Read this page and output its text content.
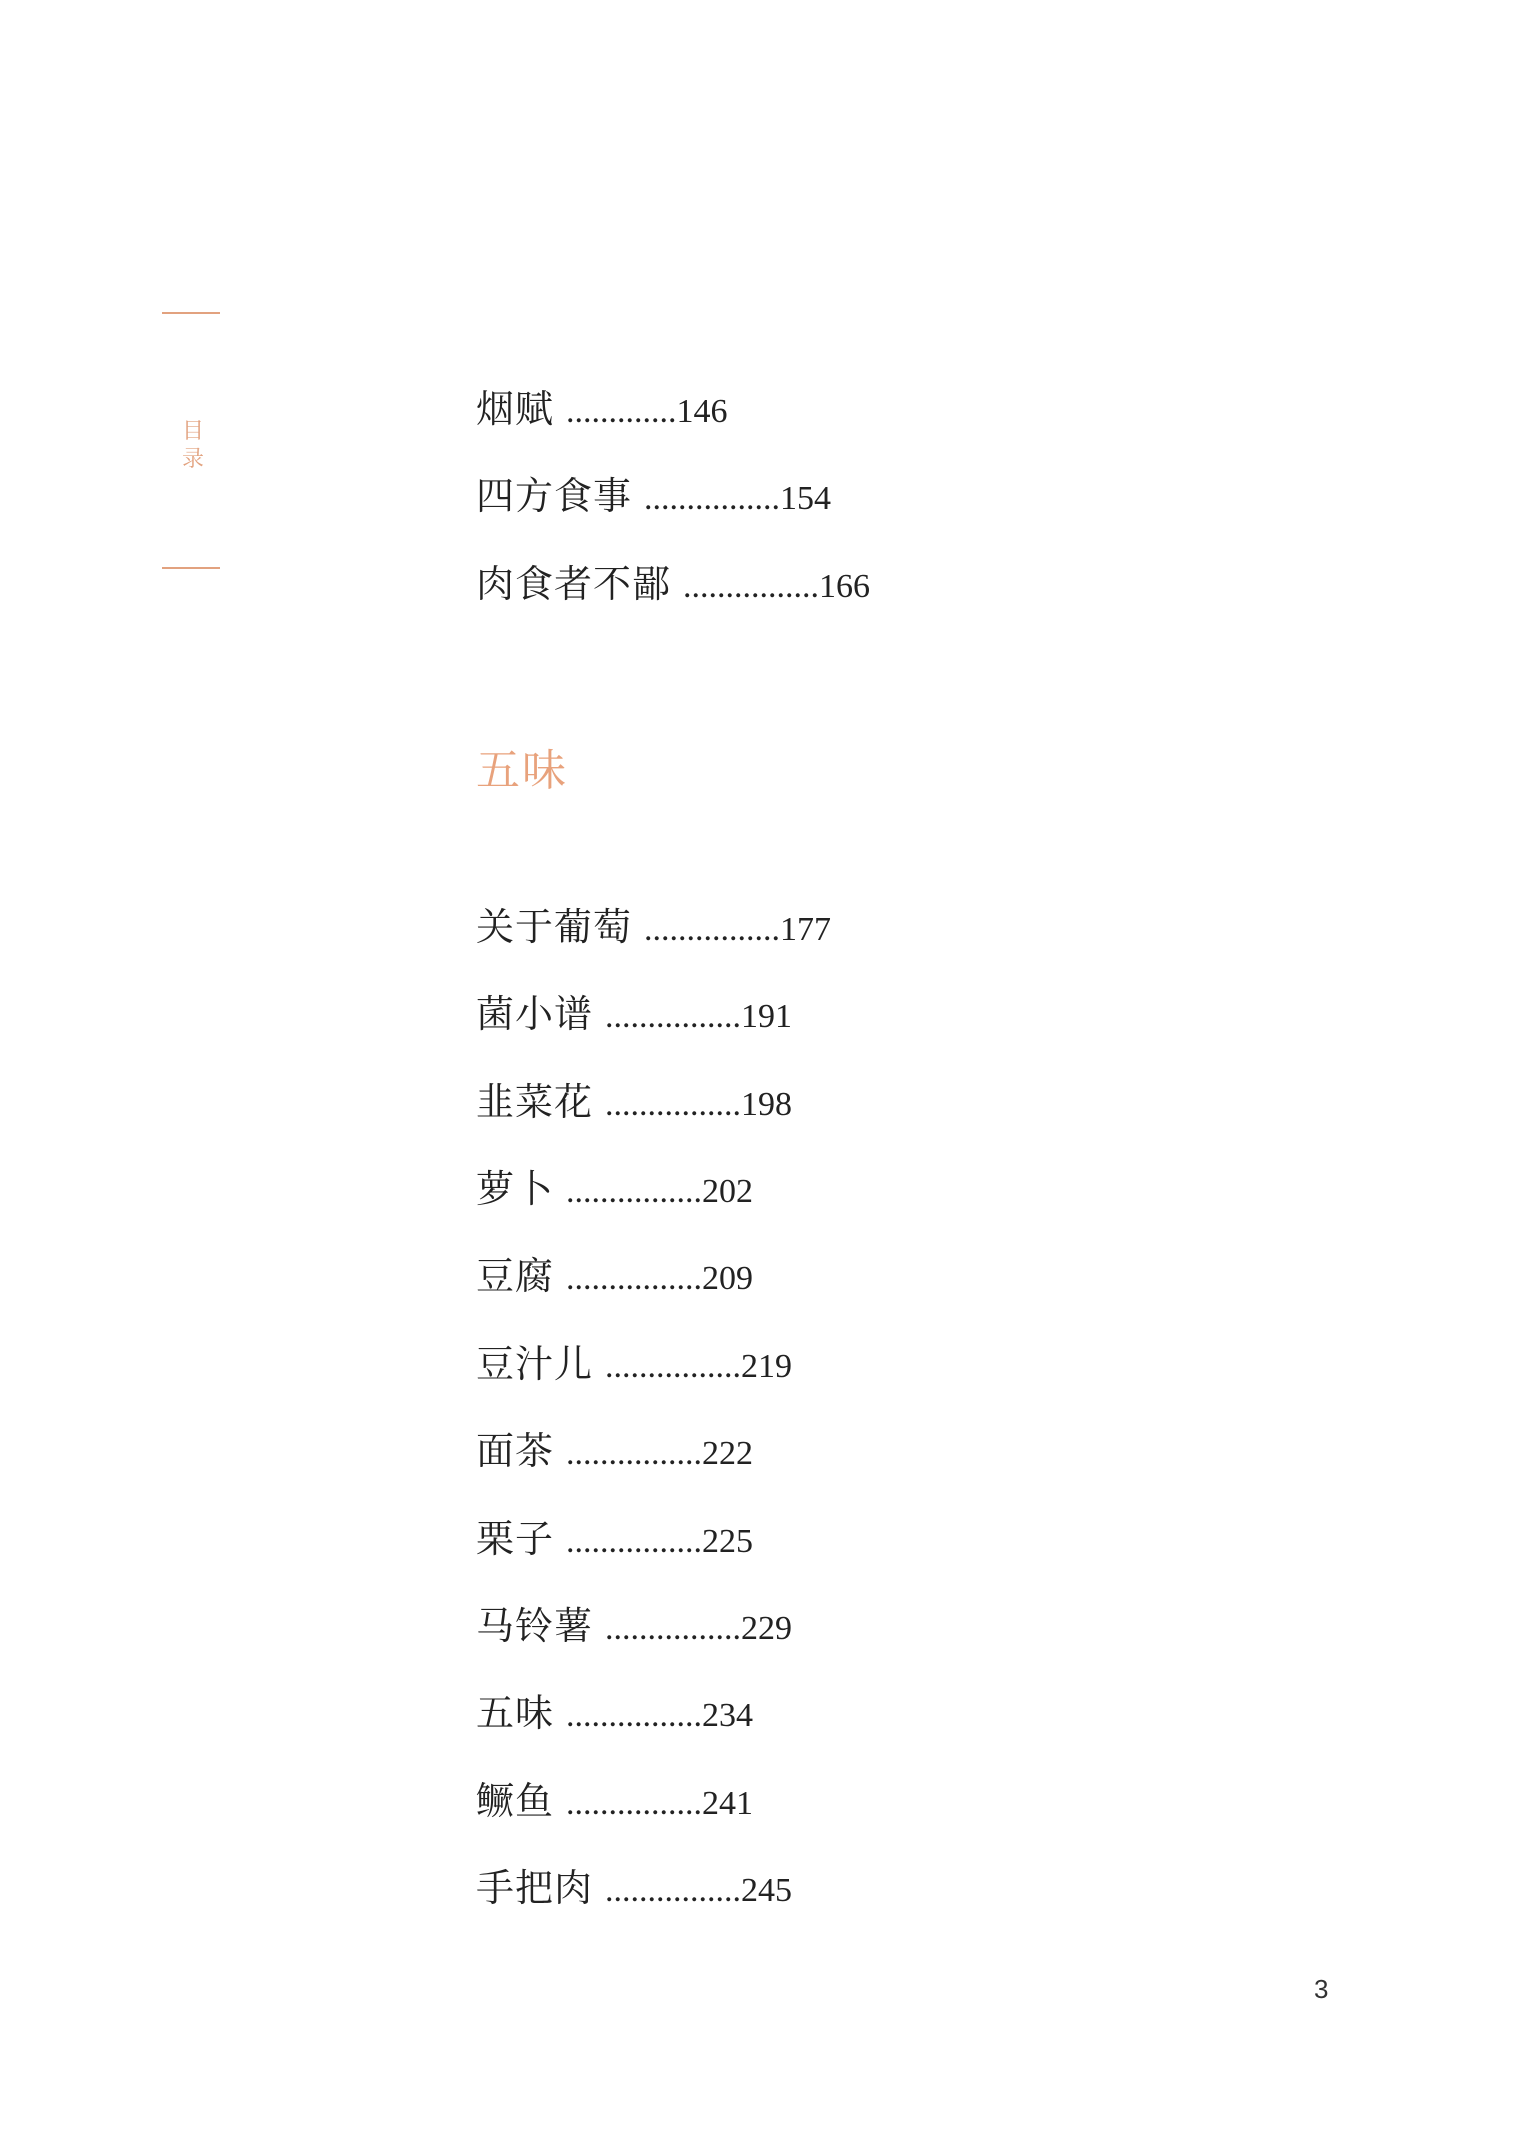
目
录
烟赋 .............146
四方食事 ................154
肉食者不鄙 ................166
五味
关于葡萄 ................177
菌小谱 ................191
韭菜花 ................198
萝卜 ................202
豆腐 ................209
豆汁儿 ................219
面茶 ................222
栗子 ................225
马铃薯 ................229
五味 ................234
鳜鱼 ................241
手把肉 ................245
3
